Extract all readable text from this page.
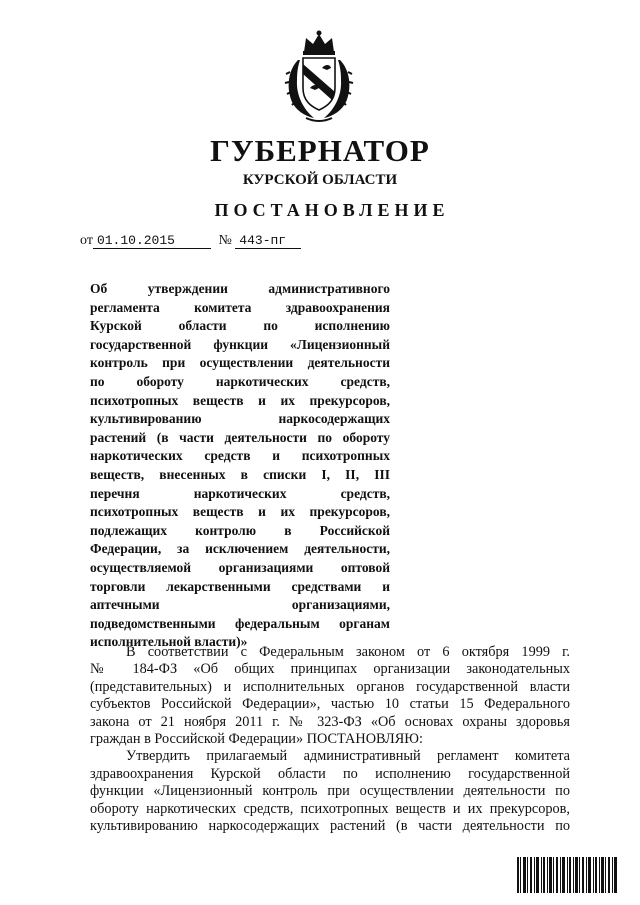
ГУБЕРНАТОР
КУРСКОЙ ОБЛАСТИ
ПОСТАНОВЛЕНИЕ
от 01.10.2015	№ 443-пг
Об утверждении административного
регламента комитета здравоохранения
Курской области по исполнению
государственной функции «Лицензионный
контроль при осуществлении деятельности
по обороту наркотических средств,
психотропных веществ и их прекурсоров,
культивированию наркосодержащих
растений (в части деятельности по обороту
наркотических средств и психотропных
веществ, внесенных в списки I, II, III
перечня наркотических средств,
психотропных веществ и их прекурсоров,
подлежащих контролю в Российской
Федерации, за исключением деятельности,
осуществляемой организациями оптовой
торговли лекарственными средствами и
аптечными организациями,
подведомственными федеральным органам
исполнительной власти)»
В соответствии с Федеральным законом от 6 октября 1999 г.
№ 184-ФЗ «Об общих принципах организации законодательных
(представительных) и исполнительных органов государственной власти
субъектов Российской Федерации», частью 10 статьи 15 Федерального
закона от 21 ноября 2011 г. № 323-ФЗ «Об основах охраны здоровья
граждан в Российской Федерации» ПОСТАНОВЛЯЮ:
Утвердить прилагаемый административный регламент комитета
здравоохранения Курской области по исполнению государственной
функции «Лицензионный контроль при осуществлении деятельности по
обороту наркотических средств, психотропных веществ и их прекурсоров,
культивированию наркосодержащих растений (в части деятельности по
